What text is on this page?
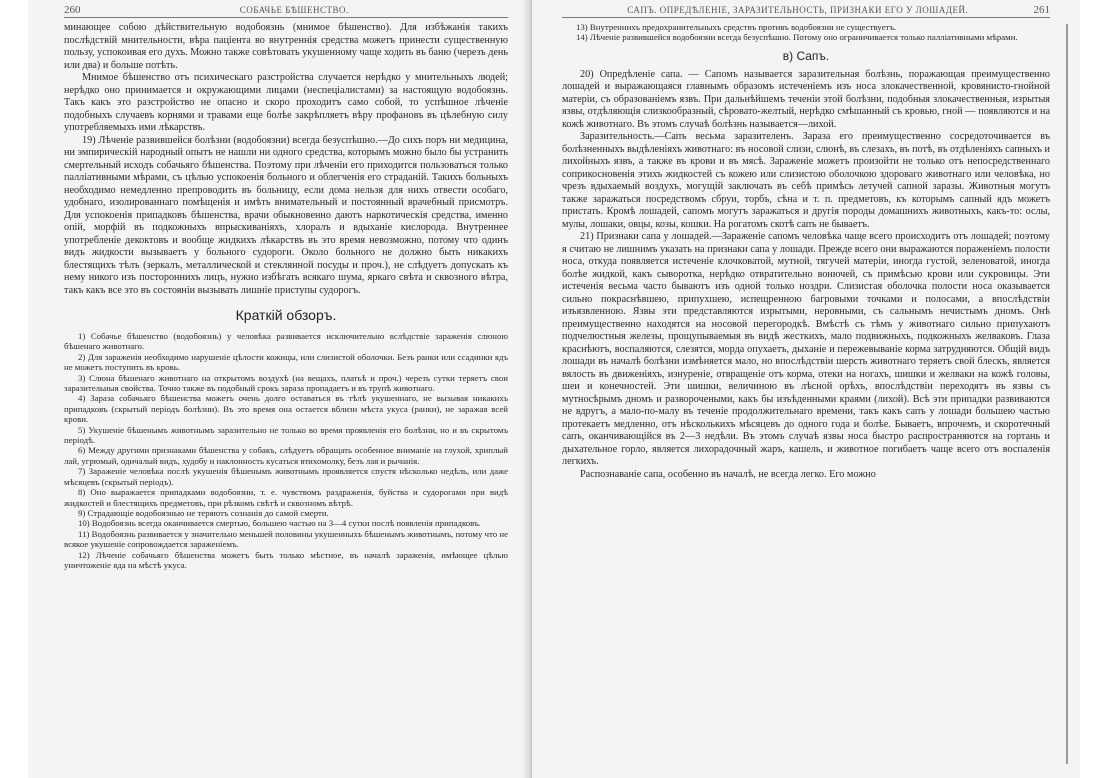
260	СОБАЧЬЕ БѢШЕНСТВО.

минающее собою дѣйствительную водобоязнь (мнимое бѣшенство). Для избѣжанія такихъ послѣдствій мнительности, вѣра паціента во внутреннія средства можетъ принести существенную пользу, успокоивая его духъ. Можно также совѣтовать укушенному чаще ходить въ баню (черезъ день или два) и больше потѣть.

Мнимое бѣшенство отъ психическаго разстройства случается нерѣдко у мнительныхъ людей; нерѣдко оно принимается и окружающими лицами (неспеціалистами) за настоящую водобоязнь. Такъ какъ это разстройство не опасно и скоро проходитъ само собой, то успѣшное лѣченіе подобныхъ случаевъ корнями и травами еще болѣе закрѣпляетъ вѣру профановъ въ цѣлебную силу употребляемыхъ ими лѣкарствъ.

19) Лѣченіе развившейся болѣзни (водобоязни) всегда безуспѣшно.—До сихъ поръ ни медицина, ни эмпирическій народный опытъ не нашли ни одного средства, которымъ можно было бы устранить смертельный исходъ собачьяго бѣшенства. Поэтому при лѣченіи его приходится пользоваться только палліативными мѣрами, съ цѣлью успокоенія больного и облегченія его страданій. Такихъ больныхъ необходимо немедленно препроводить въ больницу, если дома нельзя для нихъ отвести особаго, удобнаго, изолированнаго помѣщенія и имѣть внимательный и постоянный врачебный присмотръ. Для успокоенія припадковъ бѣшенства, врачи обыкновенно даютъ наркотическія средства, именно опій, морфій въ подкожныхъ впрыскиваніяхъ, хлоралъ и вдыханіе кислорода. Внутреннее употребленіе декоктовъ и вообще жидкихъ лѣкарствъ въ это время невозможно, потому что одинъ видъ жидкости вызываетъ у больного судороги. Около больного не должно быть никакихъ блестящихъ тѣлъ (зеркалъ, металлической и стеклянной посуды и проч.), не слѣдуетъ допускать къ нему никого изъ постороннихъ лицъ, нужно избѣгать всякаго шума, яркаго свѣта и сквозного вѣтра, такъ какъ все это въ состояніи вызывать лишніе приступы судорогъ.

Краткій обзоръ.

1) Собачье бѣшенство (водобоязнь) у человѣка развивается исключительно вслѣдствіе зараженія слюною бѣшенаго животнаго.

2) Для зараженія необходимо нарушеніе цѣлости кожицы, или слизистой оболочки. Безъ ранки или ссадинки ядъ не можетъ поступить въ кровь.

3) Слюна бѣшенаго животнаго на открытомъ воздухѣ (на вещахъ, платьѣ и проч.) черезъ сутки теряетъ свои заразительныя свойства. Точно также въ подобный срокъ зараза пропадаетъ и въ трупѣ животнаго.

4) Зараза собачьяго бѣшенства можетъ очень долго оставаться въ тѣлѣ укушеннаго, не вызывая никакихъ припадковъ (скрытый періодъ болѣзни). Въ это время она остается вблизи мѣста укуса (ранки), не заражая всей крови.

5) Укушеніе бѣшенымъ животнымъ заразительно не только во время проявленія его болѣзни, но и въ скрытомъ періодѣ.

6) Между другими признаками бѣшенства у собакъ, слѣдуетъ обращать особенное вниманіе на глухой, хриплый лай, угрюмый, одичалый видъ, худобу и наклонность кусаться втихомолку, безъ лая и рычанія.

7) Зараженіе человѣка послѣ укушенія бѣшенымъ животнымъ проявляется спустя нѣсколько недѣль, или даже мѣсяцевъ (скрытый періодъ).

8) Оно выражается припадками водобоязни, т. е. чувствомъ раздраженія, буйства и судорогами при видѣ жидкостей и блестящихъ предметовъ, при рѣзкомъ свѣтѣ и сквозномъ вѣтрѣ.

9) Страдающіе водобоязнью не теряютъ сознанія до самой смерти.

10) Водобоязнь всегда оканчивается смертью, большею частью на 3—4 сутки послѣ появленія припадковъ.

11) Водобоязнь развивается у значительно меньшей половины укушенныхъ бѣшенымъ животнымъ, потому что не всякое укушеніе сопровождается зараженіемъ.

12) Лѣченіе собачьяго бѣшенства можетъ быть только мѣстное, въ началѣ зараженія, имѣющее цѣлью уничтоженіе яда на мѣстѣ укуса.

САПЪ. ОПРЕДѢЛЕНІЕ, ЗАРАЗИТЕЛЬНОСТЬ, ПРИЗНАКИ ЕГО У ЛОШАДЕЙ.	261

13) Внутреннихъ предохранительныхъ средствъ противъ водобоязни не существуетъ.

14) Лѣченіе развившейся водобоязни всегда безуспѣшно. Потому оно ограничивается только палліативными мѣрами.

в) Сапъ.

20) Опредѣленіе сапа. — Сапомъ называется заразительная болѣзнь, поражающая преимущественно лошадей и выражающаяся главнымъ образомъ истеченіемъ изъ носа злокачественной, кровянисто-гнойной матеріи, съ образованіемъ язвъ. При дальнѣйшемъ теченіи этой болѣзни, подобныя злокачественныя, изрытыя язвы, отдѣляющія слизкообразный, сѣровато-желтый, нерѣдко смѣшанный съ кровью, гной — появляются и на кожѣ животнаго. Въ этомъ случаѣ болѣзнь называется—лихой.

Заразительность.—Сапъ весьма заразителенъ. Зараза его преимущественно сосредоточивается въ болѣзненныхъ выдѣленіяхъ животнаго: въ носовой слизи, слюнѣ, въ слезахъ, въ потѣ, въ отдѣленіяхъ сапныхъ и лихойныхъ язвъ, а также въ крови и въ мясѣ. Зараженіе можетъ произойти не только отъ непосредственнаго соприкосновенія этихъ жидкостей съ кожею или слизистою оболочкою здороваго животнаго или человѣка, но чрезъ вдыхаемый воздухъ, могущій заключать въ себѣ примѣсь летучей сапной заразы. Животныя могутъ также заражаться посредствомъ сбруи, торбъ, сѣна и т. п. предметовъ, къ которымъ сапный ядъ можетъ пристать. Кромѣ лошадей, сапомъ могутъ заражаться и другія породы домашнихъ животныхъ, какъ-то: ослы, мулы, лошаки, овцы, козы, кошки. На рогатомъ скотѣ сапъ не бываетъ.

21) Признаки сапа у лошадей.—Зараженіе сапомъ человѣка чаще всего происходитъ отъ лошадей; поэтому я считаю не лишнимъ указать на признаки сапа у лошади. Прежде всего они выражаются пораженіемъ полости носа, откуда появляется истеченіе клочковатой, мутной, тягучей матеріи, иногда густой, зеленоватой, иногда болѣе жидкой, какъ сыворотка, нерѣдко отвратительно вонючей, съ примѣсью крови или сукровицы. Эти истеченія весьма часто бываютъ изъ одной только ноздри. Слизистая оболочка полости носа оказывается сильно покраснѣвшею, припухшею, испещренною багровыми точками и полосами, а впослѣдствіи изъязвленною. Язвы эти представляются изрытыми, неровными, съ сальнымъ нечистымъ дномъ. Онѣ преимущественно находятся на носовой перегородкѣ. Вмѣстѣ съ тѣмъ у животнаго сильно припухаютъ подчелюстныя железы, прощупываемыя въ видѣ жесткихъ, мало подвижныхъ, подкожныхъ желваковъ. Глаза краснѣютъ, воспаляются, слезятся, морда опухаетъ, дыханіе и пережевываніе корма затрудняются. Общій видъ лошади въ началѣ болѣзни измѣняется мало, но впослѣдствіи шерсть животнаго теряетъ свой блескъ, является вялость въ движеніяхъ, изнуреніе, отвращеніе отъ корма, отеки на ногахъ, шишки и желваки на кожѣ головы, шеи и конечностей. Эти шишки, величиною въ лѣсной орѣхъ, впослѣдствіи переходятъ въ язвы съ мутноcѣрымъ дномъ и разворочеными, какъ бы изъѣденными краями (лихой). Всѣ эти припадки развиваются не вдругъ, а мало-по-малу въ теченіе продолжительнаго времени, такъ какъ сапъ у лошади большею частью протекаетъ медленно, отъ нѣсколькихъ мѣсяцевъ до одного года и болѣе. Бываетъ, впрочемъ, и скоротечный сапъ, оканчивающійся въ 2—3 недѣли. Въ этомъ случаѣ язвы носа быстро распространяются на гортань и дыхательное горло, является лихорадочный жаръ, кашель, и животное погибаетъ чаще всего отъ воспаленія легкихъ.

Распознаваніе сапа, особенно въ началѣ, не всегда легко. Его можно
